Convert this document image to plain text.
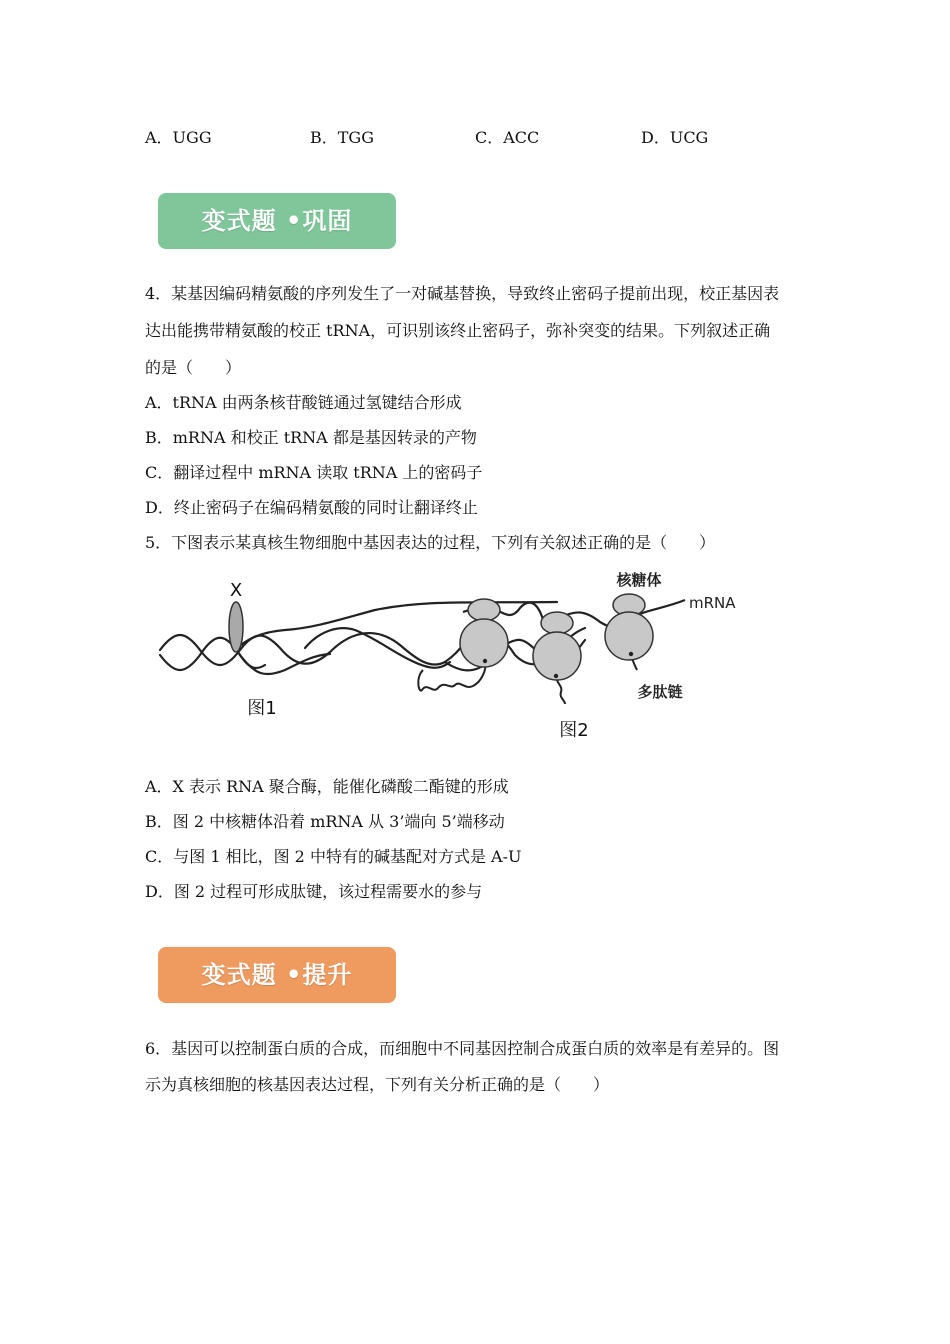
A．UGG	B．TGG	C．ACC	D．UCG
变式题 •巩固
4．某基因编码精氨酸的序列发生了一对碱基替换，导致终止密码子提前出现，校正基因表
达出能携带精氨酸的校正 tRNA，可识别该终止密码子，弥补突变的结果。下列叙述正确
的是（　　）
A．tRNA 由两条核苷酸链通过氢键结合形成
B．mRNA 和校正 tRNA 都是基因转录的产物
C．翻译过程中 mRNA 读取 tRNA 上的密码子
D．终止密码子在编码精氨酸的同时让翻译终止
5．下图表示某真核生物细胞中基因表达的过程，下列有关叙述正确的是（　　）
X
图1
核糖体
mRNA
多肽链
图2
A．X 表示 RNA 聚合酶，能催化磷酸二酯键的形成
B．图 2 中核糖体沿着 mRNA 从 3’端向 5’端移动
C．与图 1 相比，图 2 中特有的碱基配对方式是 A-U
D．图 2 过程可形成肽键，该过程需要水的参与
变式题 •提升
6．基因可以控制蛋白质的合成，而细胞中不同基因控制合成蛋白质的效率是有差异的。图
示为真核细胞的核基因表达过程，下列有关分析正确的是（　　）
